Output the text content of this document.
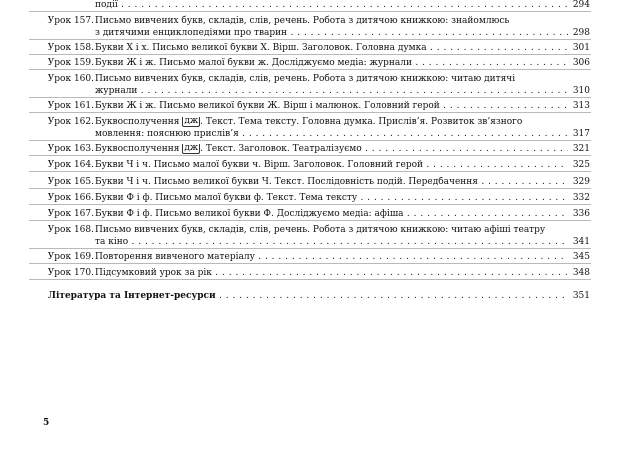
події . . .	294
Урок 157. Письмо вивчених букв, складів, слів, речень. Робота з дитячою книжкою: знайомлюсь
з дитячими енциклопедіями про тварин . . .	298
Урок 158. Букви Х і х. Письмо великої букви Х. Вірш. Заголовок. Головна думка . . .	301
Урок 159. Букви Ж і ж. Письмо малої букви ж. Досліджуємо медіа: журнали . . .	306
Урок 160. Письмо вивчених букв, складів, слів, речень. Робота з дитячою книжкою: читаю дитячі
журнали . . .	310
Урок 161. Букви Ж і ж. Письмо великої букви Ж. Вірш і малюнок. Головний герой . . .	313
Урок 162. Буквосполучення дж . Текст. Тема тексту. Головна думка. Прислів’я. Розвиток зв’язного
мовлення: пояснюю прислів’я . . .	317
Урок 163. Буквосполучення дж . Текст. Заголовок. Театралізуємо . . .	321
Урок 164. Букви Ч і ч. Письмо малої букви ч. Вірш. Заголовок. Головний герой . . .	325
Урок 165. Букви Ч і ч. Письмо великої букви Ч. Текст. Послідовність подій. Передбачення . . .	329
Урок 166. Букви Ф і ф. Письмо малої букви ф. Текст. Тема тексту . . .	332
Урок 167. Букви Ф і ф. Письмо великої букви Ф. Досліджуємо медіа: афіша . . .	336
Урок 168. Письмо вивчених букв, складів, слів, речень. Робота з дитячою книжкою: читаю афіші театру
та кіно . . .	341
Урок 169. Повторення вивченого матеріалу . . .	345
Урок 170. Підсумковий урок за рік . . .	348
Література та Інтернет-ресурси . . .	351
5
